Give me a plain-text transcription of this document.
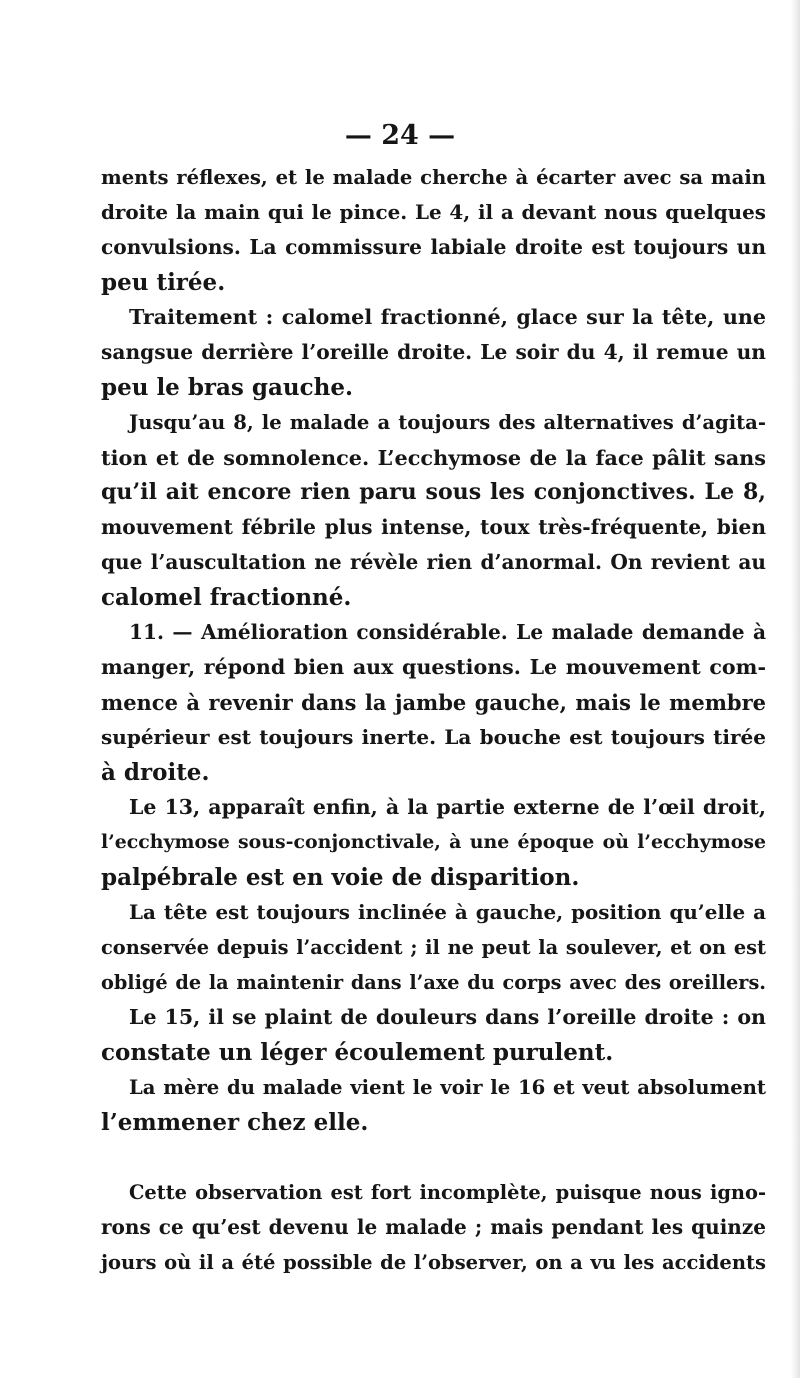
— 24 —
ments réflexes, et le malade cherche à écarter avec sa main
droite la main qui le pince. Le 4, il a devant nous quelques
convulsions. La commissure labiale droite est toujours un
peu tirée.
Traitement : calomel fractionné, glace sur la tête, une
sangsue derrière l’oreille droite. Le soir du 4, il remue un
peu le bras gauche.
Jusqu’au 8, le malade a toujours des alternatives d’agita-
tion et de somnolence. L’ecchymose de la face pâlit sans
qu’il ait encore rien paru sous les conjonctives. Le 8,
mouvement fébrile plus intense, toux très-fréquente, bien
que l’auscultation ne révèle rien d’anormal. On revient au
calomel fractionné.
11. — Amélioration considérable. Le malade demande à
manger, répond bien aux questions. Le mouvement com-
mence à revenir dans la jambe gauche, mais le membre
supérieur est toujours inerte. La bouche est toujours tirée
à droite.
Le 13, apparaît enfin, à la partie externe de l’œil droit,
l’ecchymose sous-conjonctivale, à une époque où l’ecchymose
palpébrale est en voie de disparition.
La tête est toujours inclinée à gauche, position qu’elle a
conservée depuis l’accident ; il ne peut la soulever, et on est
obligé de la maintenir dans l’axe du corps avec des oreillers.
Le 15, il se plaint de douleurs dans l’oreille droite : on
constate un léger écoulement purulent.
La mère du malade vient le voir le 16 et veut absolument
l’emmener chez elle.
Cette observation est fort incomplète, puisque nous igno-
rons ce qu’est devenu le malade ; mais pendant les quinze
jours où il a été possible de l’observer, on a vu les accidents
